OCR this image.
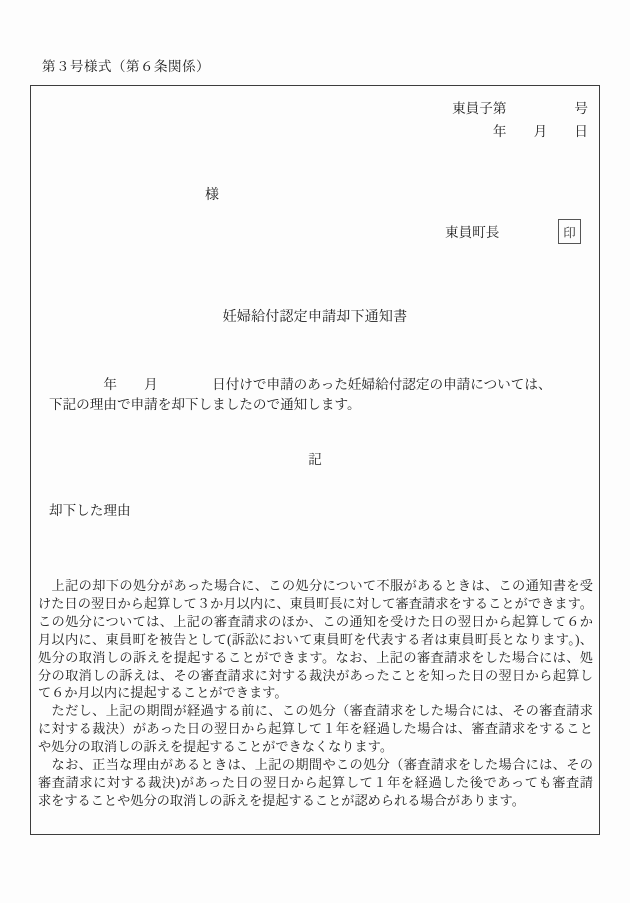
第３号様式（第６条関係）
東員子第　　　　　号
年　　月　　日
様
東員町長	印
妊婦給付認定申請却下通知書
　　　　年　　月　　　　日付けで申請のあった妊婦給付認定の申請については、
下記の理由で申請を却下しましたので通知します。
記
却下した理由
　上記の却下の処分があった場合に、この処分について不服があるときは、この通知書を受
けた日の翌日から起算して３か月以内に、東員町長に対して審査請求をすることができます。
この処分については、上記の審査請求のほか、この通知を受けた日の翌日から起算して６か
月以内に、東員町を被告として(訴訟において東員町を代表する者は東員町長となります。)、
処分の取消しの訴えを提起することができます。なお、上記の審査請求をした場合には、処
分の取消しの訴えは、その審査請求に対する裁決があったことを知った日の翌日から起算し
て６か月以内に提起することができます。
　ただし、上記の期間が経過する前に、この処分（審査請求をした場合には、その審査請求
に対する裁決）があった日の翌日から起算して１年を経過した場合は、審査請求をすること
や処分の取消しの訴えを提起することができなくなります。
　なお、正当な理由があるときは、上記の期間やこの処分（審査請求をした場合には、その
審査請求に対する裁決)があった日の翌日から起算して１年を経過した後であっても審査請
求をすることや処分の取消しの訴えを提起することが認められる場合があります。
